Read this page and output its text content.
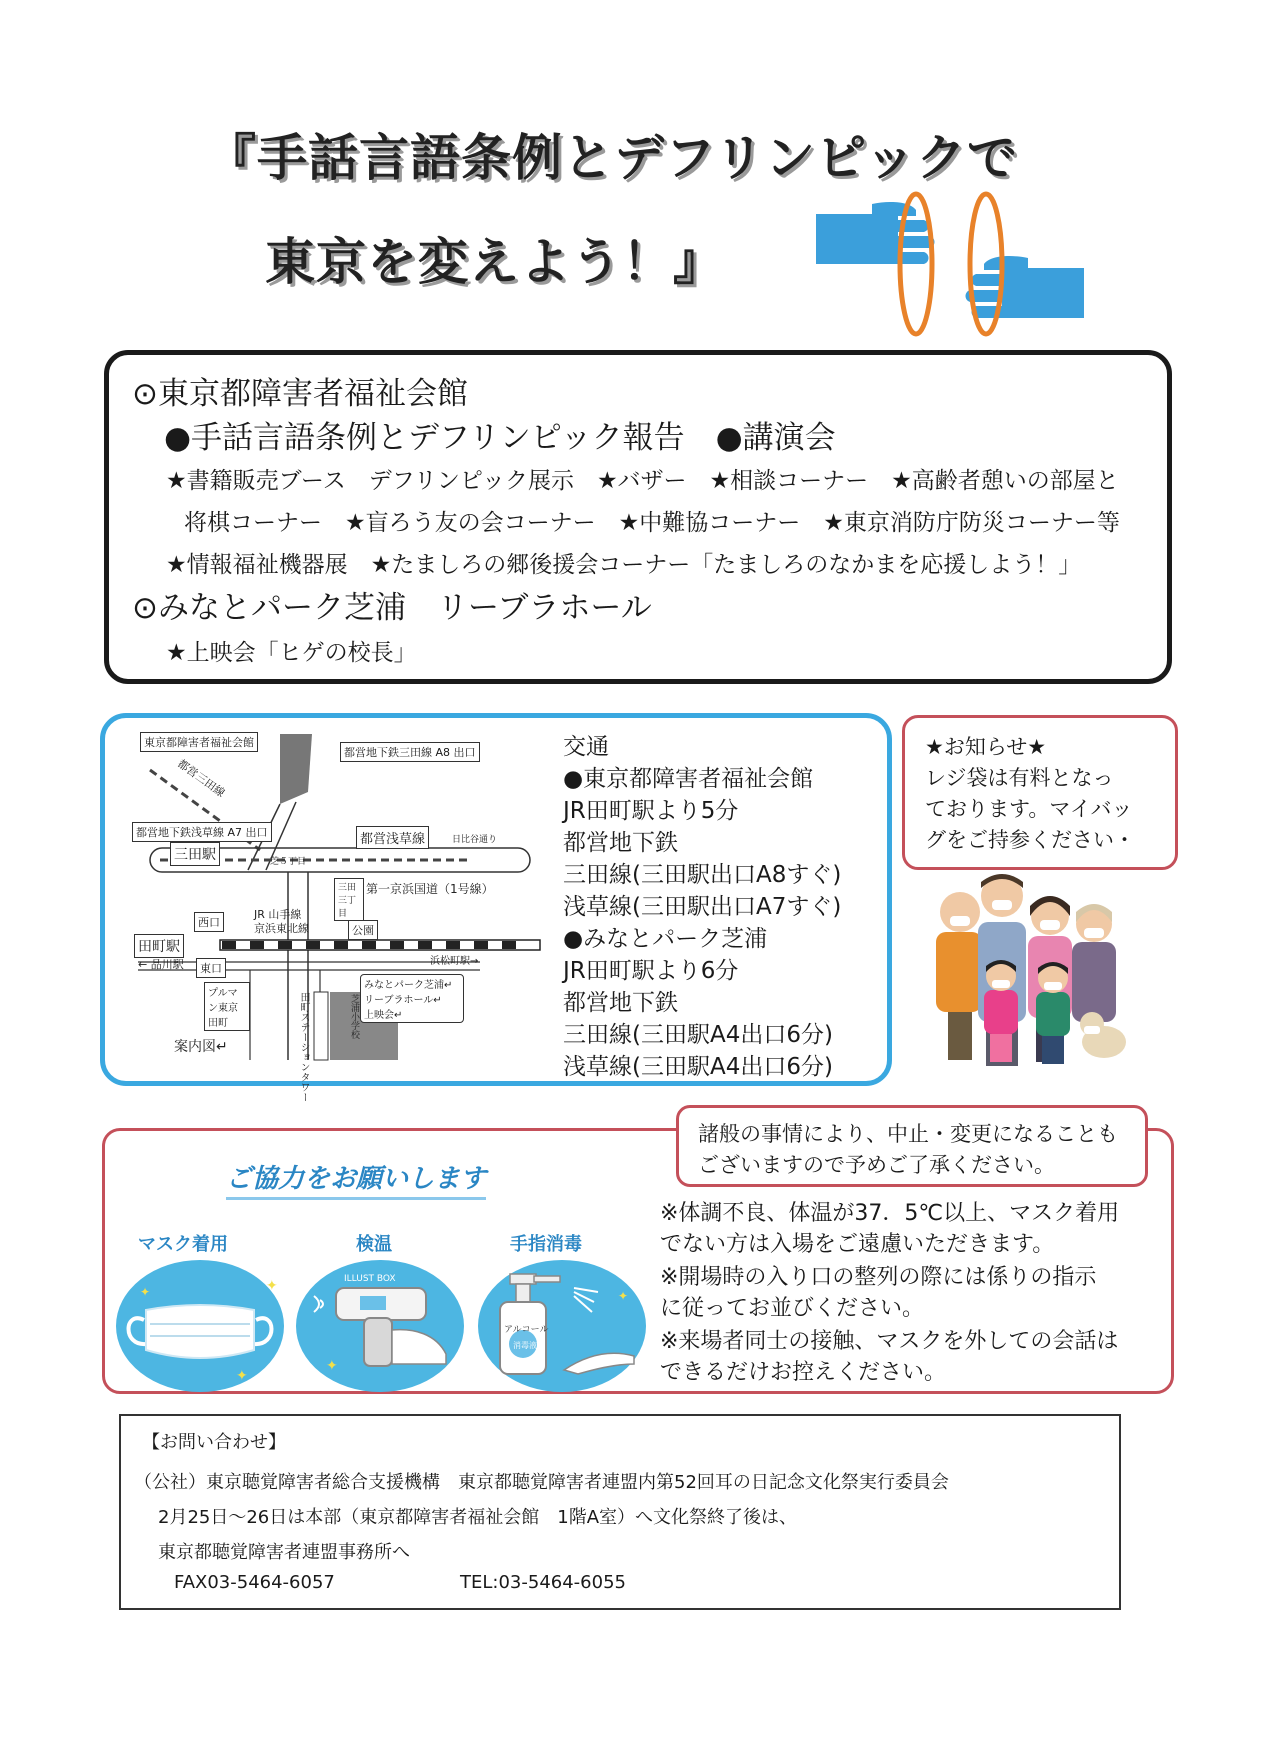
『手話言語条例とデフリンピックで
東京を変えよう！』
⊙東京都障害者福祉会館
●手話言語条例とデフリンピック報告　●講演会
★書籍販売ブース　デフリンピック展示　★バザー　★相談コーナー　★高齢者憩いの部屋と
将棋コーナー　★盲ろう友の会コーナー　★中難協コーナー　★東京消防庁防災コーナー等
★情報福祉機器展　★たましろの郷後援会コーナー「たましろのなかまを応援しよう！」
⊙みなとパーク芝浦　リーブラホール
★上映会「ヒゲの校長」
東京都障害者福祉会館
都営地下鉄三田線 A8 出口
都営三田線
都営地下鉄浅草線 A7 出口	都営浅草線	日比谷通り
三田駅	芝５丁目
三田三丁目
第一京浜国道（1号線）
JR 山手線
京浜東北線
西口
田町駅
公園
← 品川駅	東口
浜松町駅→
プルマン東京田町	田町ステーションタワー
みなとパーク芝浦↵
リーブラホール↵
上映会↵
芝浦小学校
案内図↵
交通
●東京都障害者福祉会館
JR田町駅より5分
都営地下鉄
三田線(三田駅出口A8すぐ)
浅草線(三田駅出口A7すぐ)
●みなとパーク芝浦
JR田町駅より6分
都営地下鉄
三田線(三田駅A4出口6分)
浅草線(三田駅A4出口6分)
★お知らせ★
レジ袋は有料となっ
ております。マイバッ
グをご持参ください・
諸般の事情により、中止・変更になることも
ございますので予めご了承ください。
ご協力をお願いします
マスク着用	検温	手指消毒
✦
✦
✦
✦
ILLUST BOX
✦
アルコール
消毒液
※体調不良、体温が37．5℃以上、マスク着用
でない方は入場をご遠慮いただきます。
※開場時の入り口の整列の際には係りの指示
に従ってお並びください。
※来場者同士の接触、マスクを外しての会話は
できるだけお控えください。
【お問い合わせ】
（公社）東京聴覚障害者総合支援機構　東京都聴覚障害者連盟内第52回耳の日記念文化祭実行委員会
2月25日～26日は本部（東京都障害者福祉会館　1階A室）へ文化祭終了後は、
東京都聴覚障害者連盟事務所へ
FAX03-5464-6057	TEL:03-5464-6055
